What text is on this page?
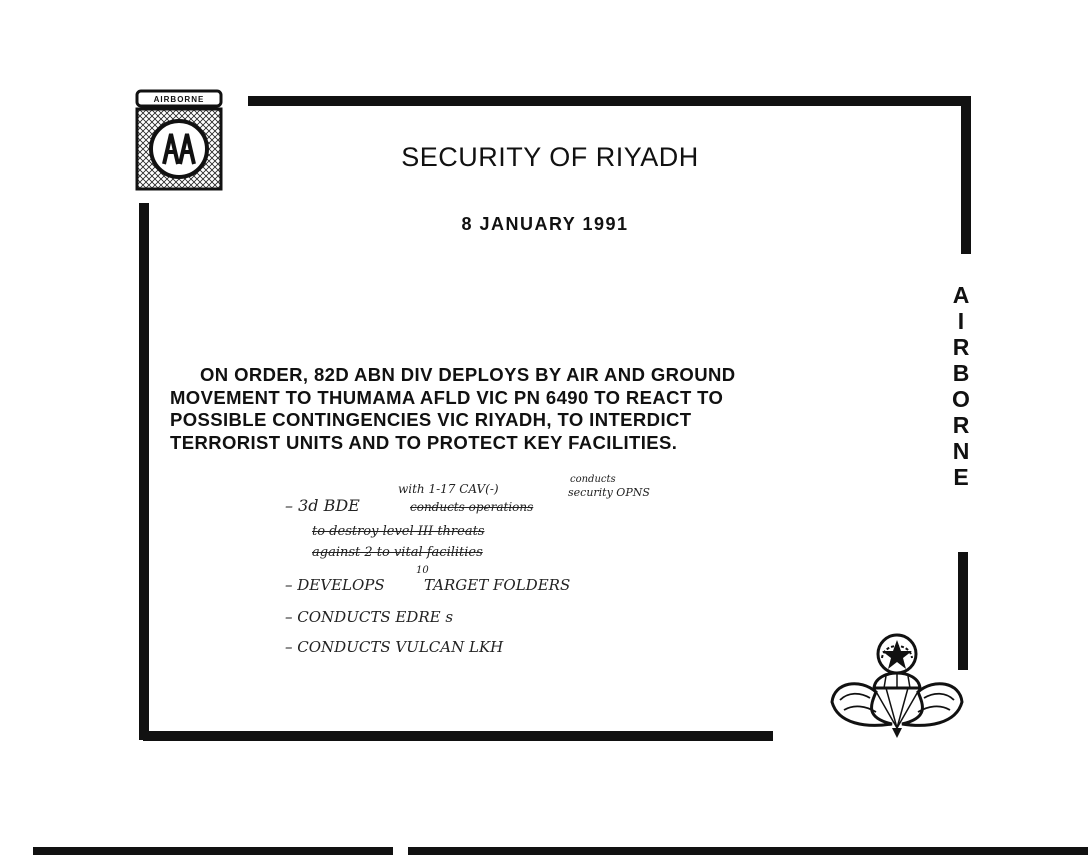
AIRBORNE
SECURITY OF RIYADH
8 JANUARY 1991
ON ORDER, 82D ABN DIV DEPLOYS BY AIR AND GROUND
MOVEMENT TO THUMAMA AFLD VIC PN 6490 TO REACT TO
POSSIBLE CONTINGENCIES VIC RIYADH, TO INTERDICT
TERRORIST UNITS AND TO PROTECT KEY FACILITIES.
A
I
R
B
O
R
N
E
conducts
with 1-17 CAV(-)	security OPNS
– 3d BDE	conducts operations
to destroy level III threats
against 2 to vital facilities
10
– DEVELOPS	TARGET FOLDERS
– CONDUCTS EDRE s
– CONDUCTS VULCAN LKH
